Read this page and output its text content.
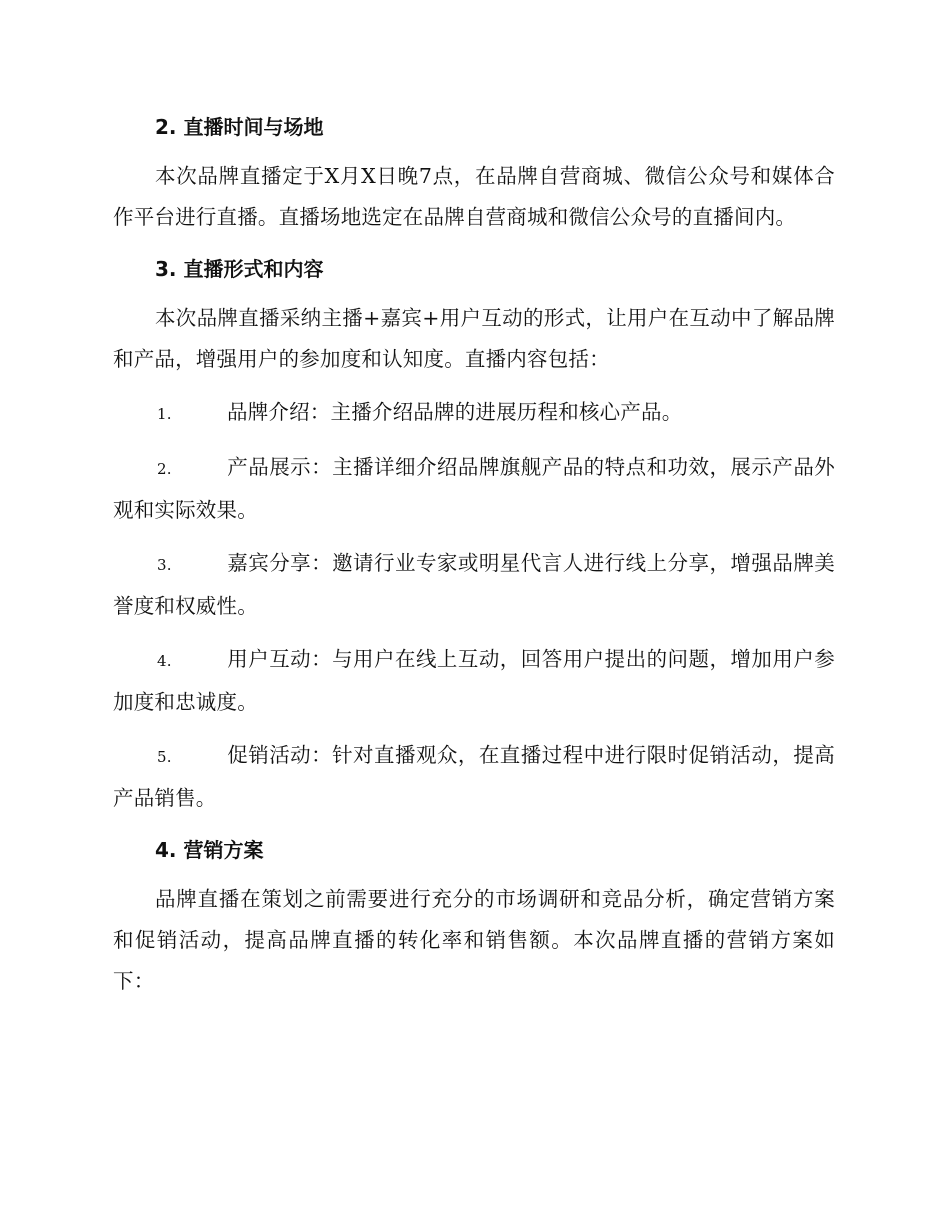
2. 直播时间与场地

本次品牌直播定于X月X日晚7点，在品牌自营商城、微信公众号和媒体合作平台进行直播。直播场地选定在品牌自营商城和微信公众号的直播间内。

3. 直播形式和内容

本次品牌直播采纳主播+嘉宾+用户互动的形式，让用户在互动中了解品牌和产品，增强用户的参加度和认知度。直播内容包括：

1.	品牌介绍：主播介绍品牌的进展历程和核心产品。
2.	产品展示：主播详细介绍品牌旗舰产品的特点和功效，展示产品外观和实际效果。
3.	嘉宾分享：邀请行业专家或明星代言人进行线上分享，增强品牌美誉度和权威性。
4.	用户互动：与用户在线上互动，回答用户提出的问题，增加用户参加度和忠诚度。
5.	促销活动：针对直播观众，在直播过程中进行限时促销活动，提高产品销售。
4. 营销方案

品牌直播在策划之前需要进行充分的市场调研和竞品分析，确定营销方案和促销活动，提高品牌直播的转化率和销售额。本次品牌直播的营销方案如下：
